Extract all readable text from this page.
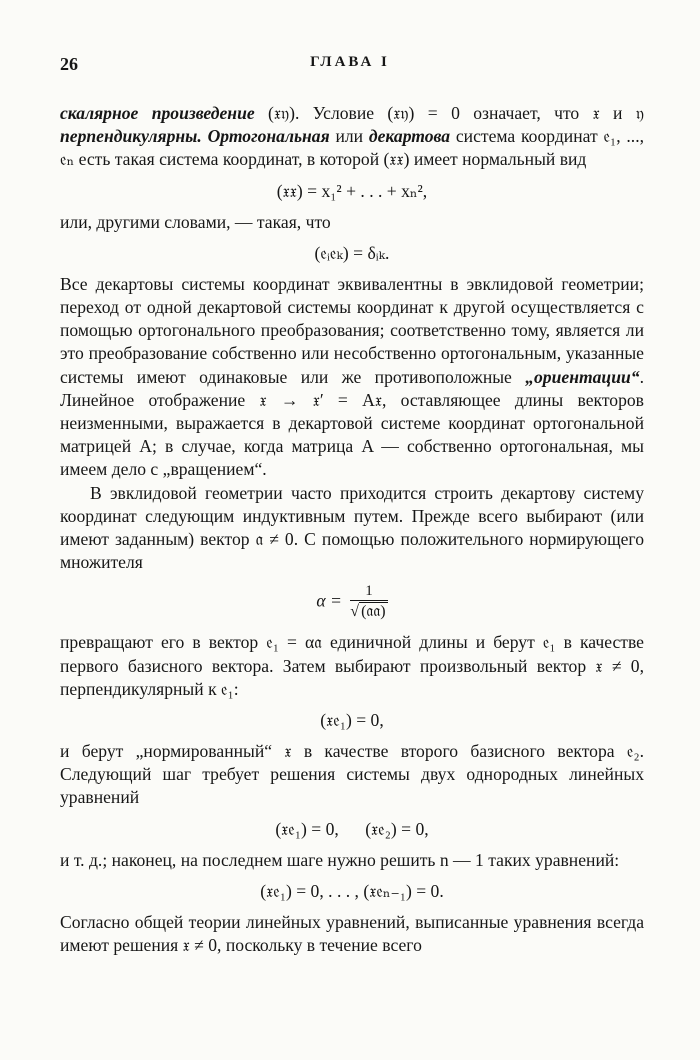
26	ГЛАВА I

скалярное произведение (𝔵𝔶). Условие (𝔵𝔶) = 0 означает, что 𝔵 и 𝔶 перпендикулярны. Ортогональная или декартова система координат 𝔢₁, ..., 𝔢ₙ есть такая система координат, в которой (𝔵𝔵) имеет нормальный вид

(𝔵𝔵) = x₁² + . . . + xₙ²,

или, другими словами, — такая, что

(𝔢ᵢ𝔢ₖ) = δᵢₖ.

Все декартовы системы координат эквивалентны в эвклидовой геометрии; переход от одной декартовой системы координат к другой осуществляется с помощью ортогонального преобразования; соответственно тому, является ли это преобразование собственно или несобственно ортогональным, указанные системы имеют одинаковые или же противоположные „ориентации“. Линейное отображение 𝔵 → 𝔵′ = A𝔵, оставляющее длины векторов неизменными, выражается в декартовой системе координат ортогональной матрицей A; в случае, когда матрица A — собственно ортогональная, мы имеем дело с „вращением“.

В эвклидовой геометрии часто приходится строить декартову систему координат следующим индуктивным путем. Прежде всего выбирают (или имеют заданным) вектор 𝔞 ≠ 0. С помощью положительного нормирующего множителя

$\alpha = \frac{1}{\text{√ (𝔞𝔞)}}$

превращают его в вектор 𝔢₁ = α𝔞 единичной длины и берут 𝔢₁ в качестве первого базисного вектора. Затем выбирают произвольный вектор 𝔵 ≠ 0, перпендикулярный к 𝔢₁:

(𝔵𝔢₁) = 0,

и берут „нормированный“ 𝔵 в качестве второго базисного вектора 𝔢₂. Следующий шаг требует решения системы двух однородных линейных уравнений

(𝔵𝔢₁) = 0,      (𝔵𝔢₂) = 0,

и т. д.; наконец, на последнем шаге нужно решить n — 1 таких уравнений:

(𝔵𝔢₁) = 0, . . . , (𝔵𝔢ₙ₋₁) = 0.

Согласно общей теории линейных уравнений, выписанные уравнения всегда имеют решения 𝔵 ≠ 0, поскольку в течение всего
